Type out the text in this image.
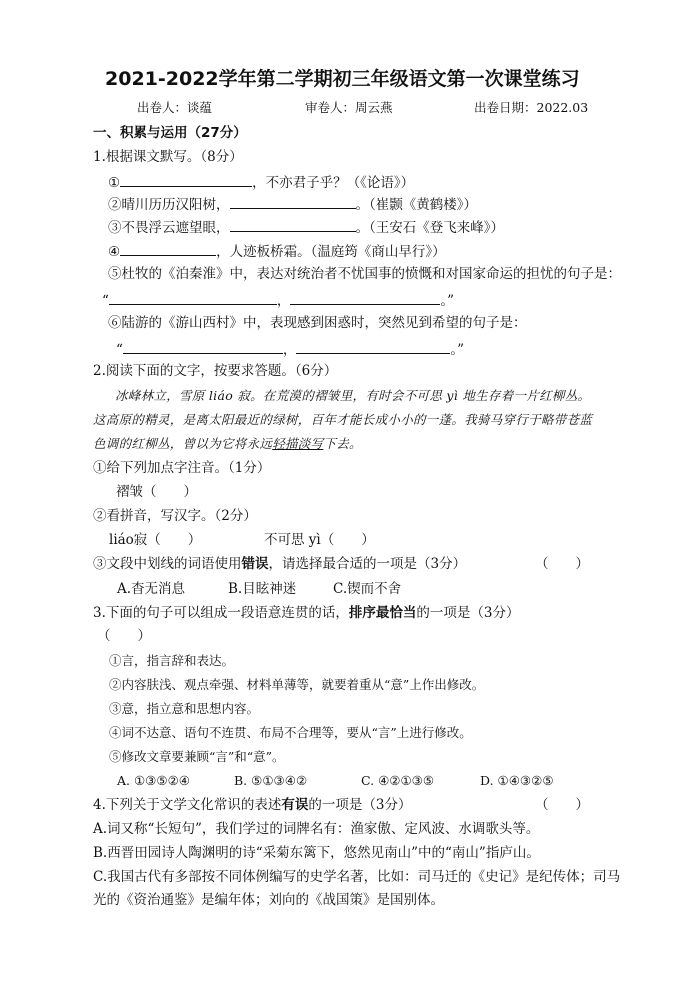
2021-2022学年第二学期初三年级语文第一次课堂练习
出卷人：谈蕴	审卷人：周云燕	出卷日期：2022.03
一、积累与运用（27分）
1.根据课文默写。（8分）
①	，不亦君子乎？（《论语》）
②晴川历历汉阳树，	。（崔颢《黄鹤楼》）
③不畏浮云遮望眼，	。（王安石《登飞来峰》）
④	，人迹板桥霜。（温庭筠《商山早行》）
⑤杜牧的《泊秦淮》中，表达对统治者不忧国事的愤慨和对国家命运的担忧的句子是：
“	，	。”
⑥陆游的《游山西村》中，表现感到困惑时，突然见到希望的句子是：
“	，	。”
2.阅读下面的文字，按要求答题。（6分）
冰峰林立，雪原 liáo 寂。在荒漠的褶皱里，有时会不可思 yì 地生存着一片红柳丛。
这高原的精灵，是离太阳最近的绿树，百年才能长成小小的一蓬。我骑马穿行于略带苍蓝
色调的红柳丛，曾以为它将永远轻描淡写下去。
①给下列加点字注音。（1分）
褶皱（　　）
②看拼音，写汉字。（2分）
liáo寂（　　）	不可思 yì（　　）
③文段中划线的词语使用错误，请选择最合适的一项是（3分）	（　　）
A.杳无消息	B.目眩神迷	C.锲而不舍
3.下面的句子可以组成一段语意连贯的话，排序最恰当的一项是（3分）
（　　）
①言，指言辞和表达。
②内容肤浅、观点牵强、材料单薄等，就要着重从“意”上作出修改。
③意，指立意和思想内容。
④词不达意、语句不连贯、布局不合理等，要从“言”上进行修改。
⑤修改文章要兼顾“言”和“意”。
A. ①③⑤②④	B. ⑤①③④②	C. ④②①③⑤	D. ①④③②⑤
4.下列关于文学文化常识的表述有误的一项是（3分）	（　　）
A.词又称“长短句”，我们学过的词牌名有：渔家傲、定风波、水调歌头等。
B.西晋田园诗人陶渊明的诗“采菊东篱下，悠然见南山”中的“南山”指庐山。
C.我国古代有多部按不同体例编写的史学名著，比如：司马迁的《史记》是纪传体；司马
光的《资治通鉴》是编年体；刘向的《战国策》是国别体。
